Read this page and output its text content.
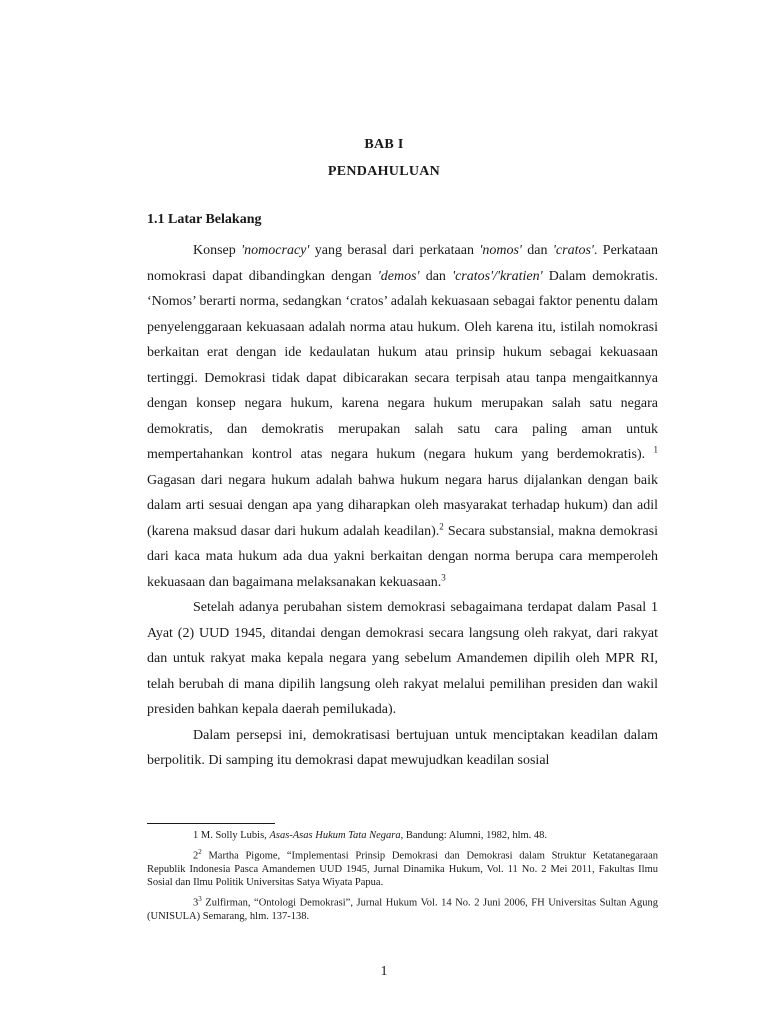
BAB I
PENDAHULUAN
1.1 Latar Belakang

Konsep 'nomocracy' yang berasal dari perkataan 'nomos' dan 'cratos'. Perkataan nomokrasi dapat dibandingkan dengan 'demos' dan 'cratos'/'kratien' Dalam demokratis. ‘Nomos’ berarti norma, sedangkan ‘cratos’ adalah kekuasaan sebagai faktor penentu dalam penyelenggaraan kekuasaan adalah norma atau hukum. Oleh karena itu, istilah nomokrasi berkaitan erat dengan ide kedaulatan hukum atau prinsip hukum sebagai kekuasaan tertinggi. Demokrasi tidak dapat dibicarakan secara terpisah atau tanpa mengaitkannya dengan konsep negara hukum, karena negara hukum merupakan salah satu negara demokratis, dan demokratis merupakan salah satu cara paling aman untuk mempertahankan kontrol atas negara hukum (negara hukum yang berdemokratis). $^1$ Gagasan dari negara hukum adalah bahwa hukum negara harus dijalankan dengan baik dalam arti sesuai dengan apa yang diharapkan oleh masyarakat terhadap hukum) dan adil (karena maksud dasar dari hukum adalah keadilan).$^2$ Secara substansial, makna demokrasi dari kaca mata hukum ada dua yakni berkaitan dengan norma berupa cara memperoleh kekuasaan dan bagaimana melaksanakan kekuasaan.$^3$

Setelah adanya perubahan sistem demokrasi sebagaimana terdapat dalam Pasal 1 Ayat (2) UUD 1945, ditandai dengan demokrasi secara langsung oleh rakyat, dari rakyat dan untuk rakyat maka kepala negara yang sebelum Amandemen dipilih oleh MPR RI, telah berubah di mana dipilih langsung oleh rakyat melalui pemilihan presiden dan wakil presiden bahkan kepala daerah pemilukada).

Dalam persepsi ini, demokratisasi bertujuan untuk menciptakan keadilan dalam berpolitik. Di samping itu demokrasi dapat mewujudkan keadilan sosial

1 M. Solly Lubis, Asas-Asas Hukum Tata Negara, Bandung: Alumni, 1982, hlm. 48.

$2^2$ Martha Pigome, “Implementasi Prinsip Demokrasi dan Demokrasi dalam Struktur Ketatanegaraan Republik Indonesia Pasca Amandemen UUD 1945, Jurnal Dinamika Hukum, Vol. 11 No. 2 Mei 2011, Fakultas Ilmu Sosial dan Ilmu Politik Universitas Satya Wiyata Papua.

$3^3$ Zulfirman, “Ontologi Demokrasi”, Jurnal Hukum Vol. 14 No. 2 Juni 2006, FH Universitas Sultan Agung (UNISULA) Semarang, hlm. 137-138.

1
